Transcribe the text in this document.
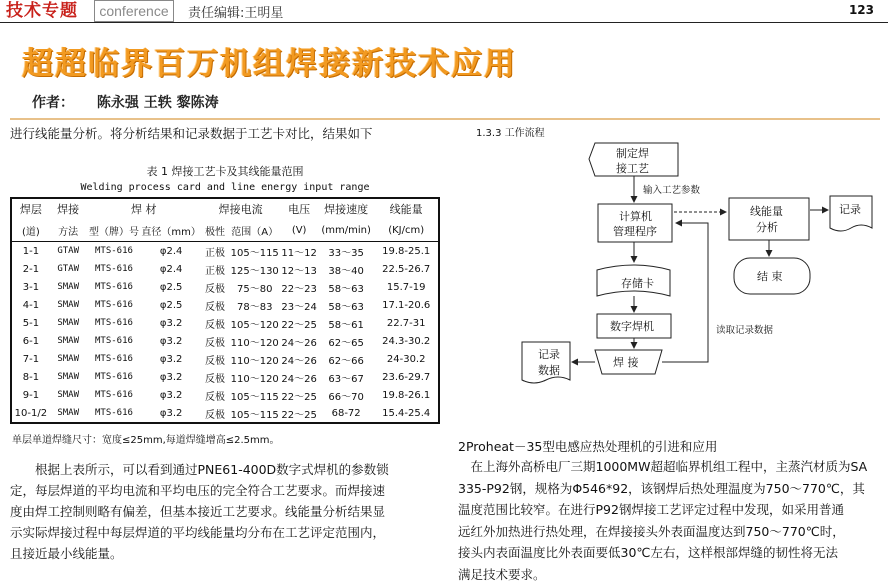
技术专题	conference	责任编辑:王明星	123
超超临界百万机组焊接新技术应用
作者： 陈永强 王轶 黎陈涛
进行线能量分析。将分析结果和记录数据于工艺卡对比，结果如下
表 1 焊接工艺卡及其线能量范围
Welding process card and line energy input range
焊层	焊接	焊 材		焊接电流		电压	焊接速度	线能量
(道)	方法	型（牌）号	直径（mm）	极性	范围（A）	(V)	(mm/min)	(KJ/cm)
1-1	GTAW	MTS-616	φ2.4	正极	105～115	11～12	33～35	19.8-25.1
2-1	GTAW	MTS-616	φ2.4	正极	125～130	12～13	38～40	22.5-26.7
3-1	SMAW	MTS-616	φ2.5	反极	75～80	22～23	58～63	15.7-19
4-1	SMAW	MTS-616	φ2.5	反极	78～83	23～24	58～63	17.1-20.6
5-1	SMAW	MTS-616	φ3.2	反极	105～120	22～25	58～61	22.7-31
6-1	SMAW	MTS-616	φ3.2	反极	110～120	24～26	62～65	24.3-30.2
7-1	SMAW	MTS-616	φ3.2	反极	110～120	24～26	62～66	24-30.2
8-1	SMAW	MTS-616	φ3.2	反极	110～120	24～26	63～67	23.6-29.7
9-1	SMAW	MTS-616	φ3.2	反极	105～115	22～25	66～70	19.8-26.1
10-1/2	SMAW	MTS-616	φ3.2	反极	105～115	22～25	68-72	15.4-25.4
单层单道焊缝尺寸：宽度≤25mm,每道焊缝增高≤2.5mm。
根据上表所示，可以看到通过PNE61-400D数字式焊机的参数锁
定，每层焊道的平均电流和平均电压的完全符合工艺要求。而焊接速
度由焊工控制则略有偏差，但基本接近工艺要求。线能量分析结果显
示实际焊接过程中每层焊道的平均线能量均分布在工艺评定范围内，
且接近最小线能量。
1.3.3 工作流程
制定焊
接工艺
输入工艺参数
计算机
管理程序
线能量
分析
记录
结 束
存储卡
数字焊机
焊 接
记录
数据
读取记录数据
2Proheat－35型电感应热处理机的引进和应用
在上海外高桥电厂三期1000MW超超临界机组工程中，主蒸汽材质为SA
335-P92钢，规格为Φ546*92，该钢焊后热处理温度为750～770℃，其
温度范围比较窄。在进行P92钢焊接工艺评定过程中发现，如采用普通
远红外加热进行热处理，在焊接接头外表面温度达到750～770℃时，
接头内表面温度比外表面要低30℃左右，这样根部焊缝的韧性将无法
满足技术要求。
